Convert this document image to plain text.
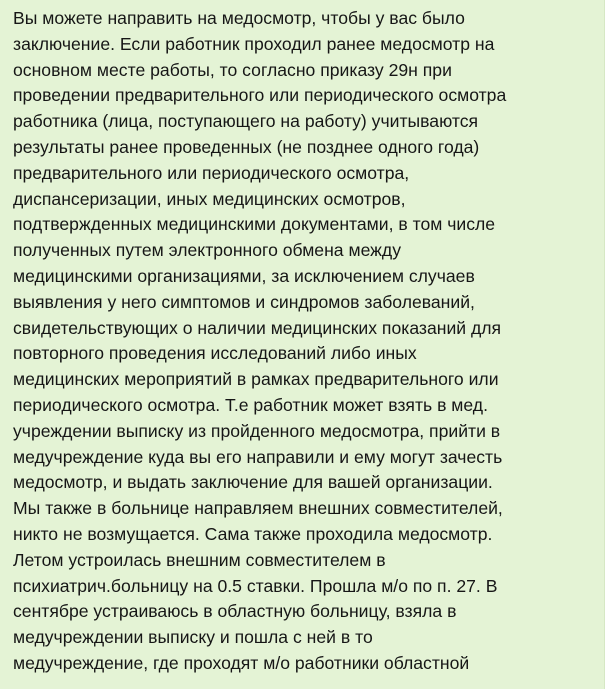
Вы можете направить на медосмотр, чтобы у вас было
заключение. Если работник проходил ранее медосмотр на
основном месте работы, то согласно приказу 29н при
проведении предварительного или периодического осмотра
работника (лица, поступающего на работу) учитываются
результаты ранее проведенных (не позднее одного года)
предварительного или периодического осмотра,
диспансеризации, иных медицинских осмотров,
подтвержденных медицинскими документами, в том числе
полученных путем электронного обмена между
медицинскими организациями, за исключением случаев
выявления у него симптомов и синдромов заболеваний,
свидетельствующих о наличии медицинских показаний для
повторного проведения исследований либо иных
медицинских мероприятий в рамках предварительного или
периодического осмотра. Т.е работник может взять в мед.
учреждении выписку из пройденного медосмотра, прийти в
медучреждение куда вы его направили и ему могут зачесть
медосмотр, и выдать заключение для вашей организации.
Мы также в больнице направляем внешних совместителей,
никто не возмущается. Сама также проходила медосмотр.
Летом устроилась внешним совместителем в
психиатрич.больницу на 0.5 ставки. Прошла м/о по п. 27. В
сентябре устраиваюсь в областную больницу, взяла в
медучреждении выписку и пошла с ней в то
медучреждение, где проходят м/о работники областной
